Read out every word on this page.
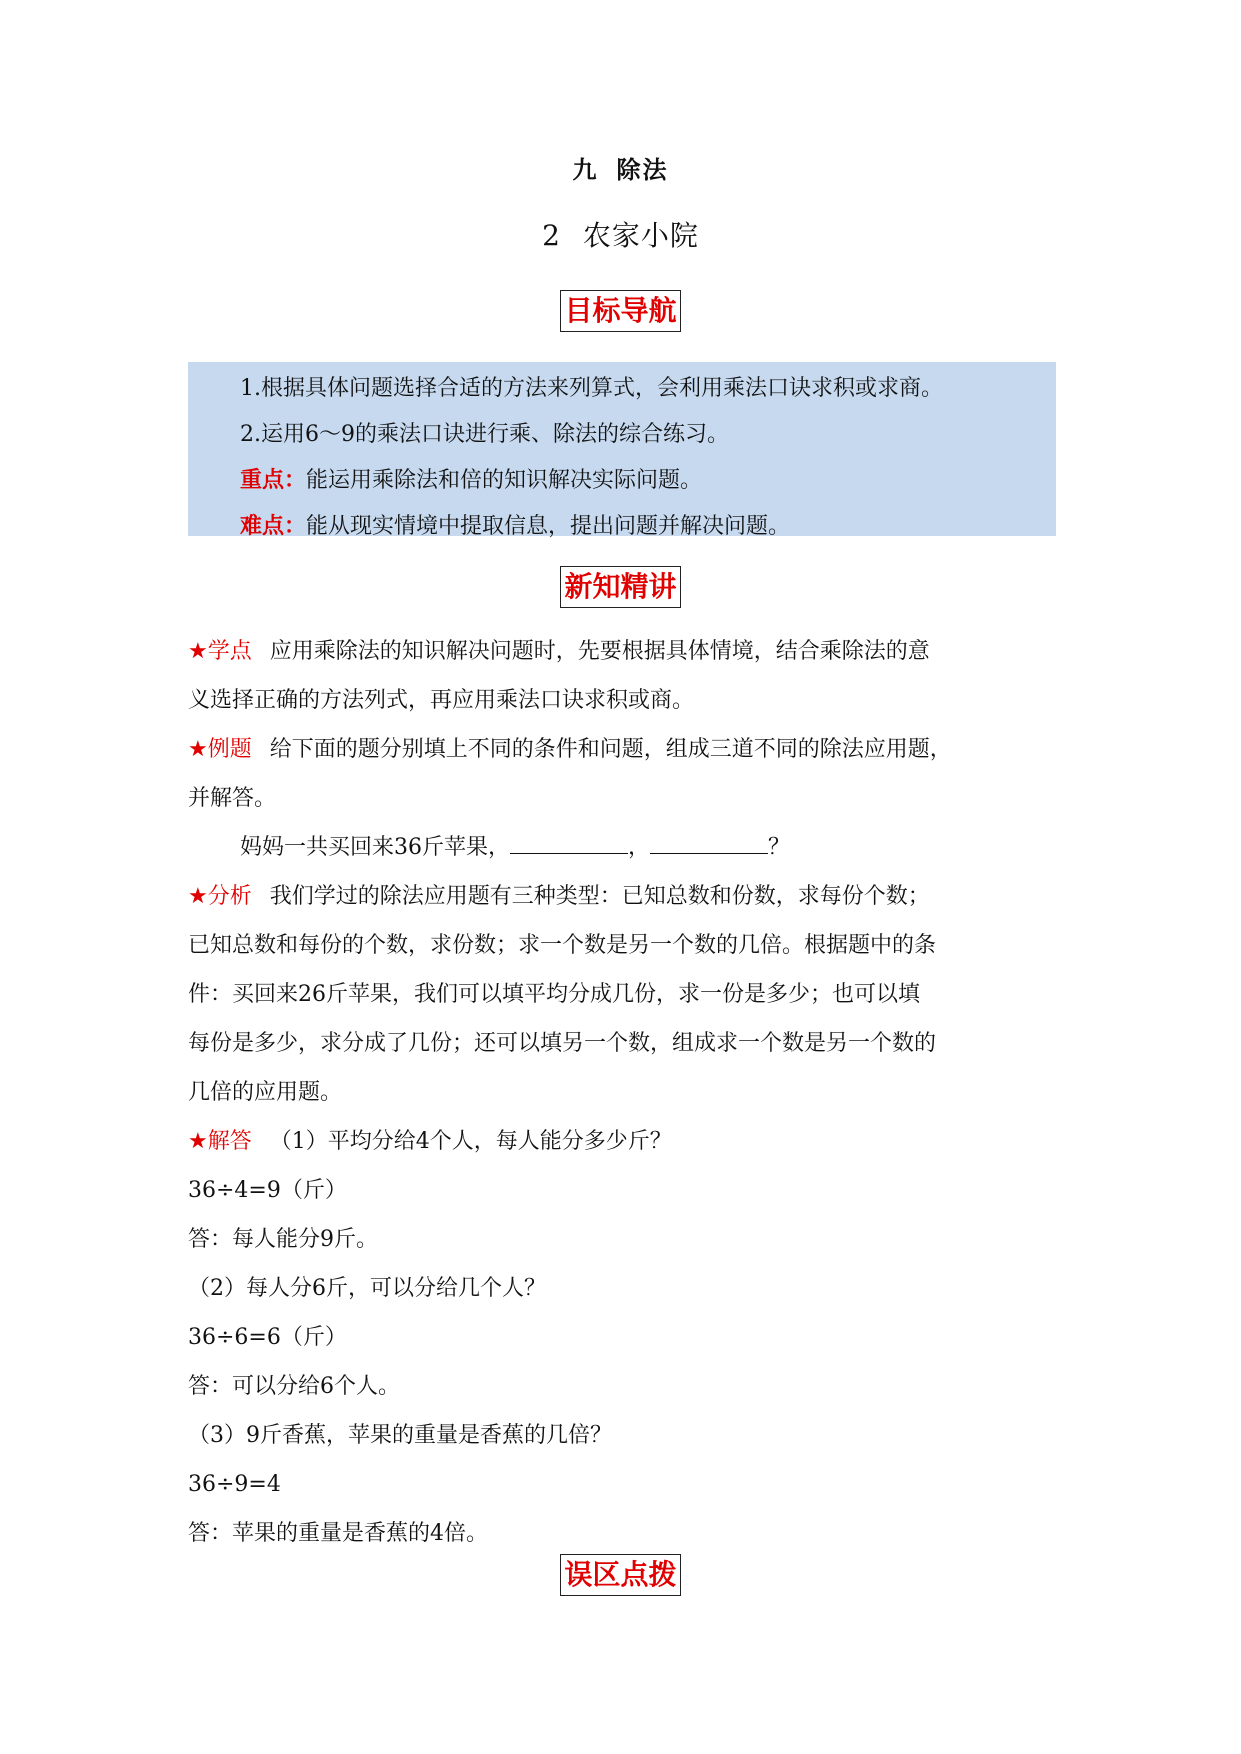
九 除法
2 农家小院
目标导航
1.根据具体问题选择合适的方法来列算式，会利用乘法口诀求积或求商。
2.运用6～9的乘法口诀进行乘、除法的综合练习。
重点：能运用乘除法和倍的知识解决实际问题。
难点：能从现实情境中提取信息，提出问题并解决问题。
新知精讲

★学点 应用乘除法的知识解决问题时，先要根据具体情境，结合乘除法的意

义选择正确的方法列式，再应用乘法口诀求积或商。

★例题 给下面的题分别填上不同的条件和问题，组成三道不同的除法应用题，

并解答。

妈妈一共买回来36斤苹果，	，	？

★分析 我们学过的除法应用题有三种类型：已知总数和份数，求每份个数；

已知总数和每份的个数，求份数；求一个数是另一个数的几倍。根据题中的条

件：买回来26斤苹果，我们可以填平均分成几份，求一份是多少；也可以填

每份是多少，求分成了几份；还可以填另一个数，组成求一个数是另一个数的

几倍的应用题。

★解答 （1）平均分给4个人，每人能分多少斤？

36÷4=9（斤）

答：每人能分9斤。

（2）每人分6斤，可以分给几个人？

36÷6=6（斤）

答：可以分给6个人。

（3）9斤香蕉，苹果的重量是香蕉的几倍？

36÷9=4

答：苹果的重量是香蕉的4倍。

误区点拨
